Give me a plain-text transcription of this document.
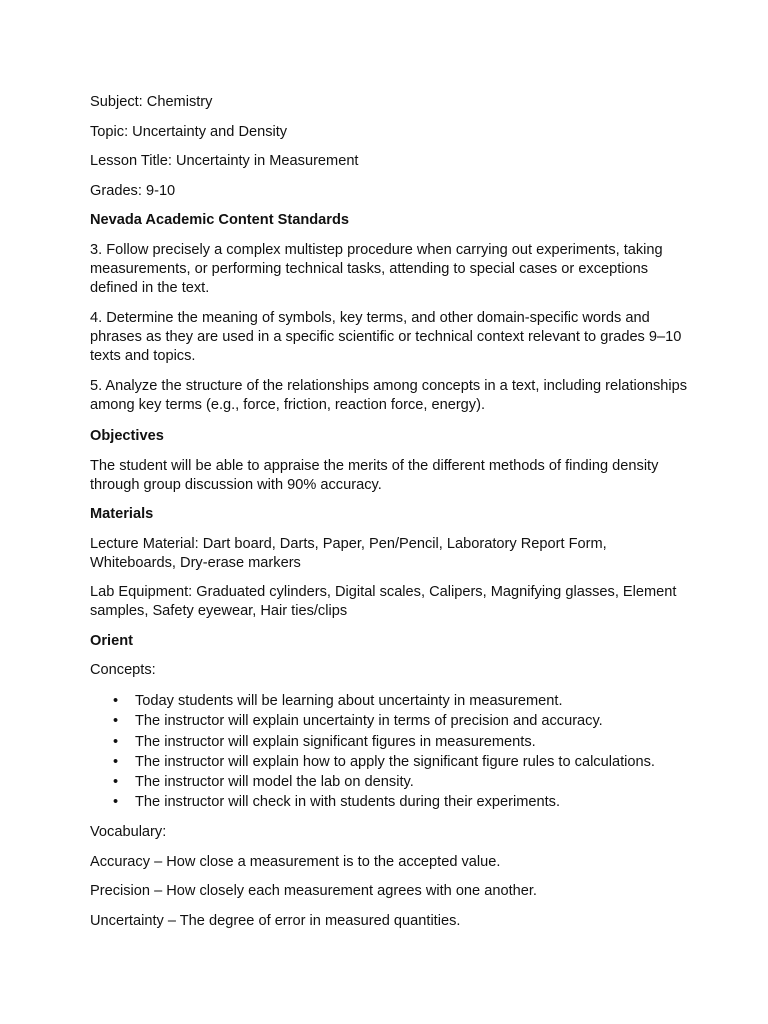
Subject: Chemistry

Topic: Uncertainty and Density

Lesson Title: Uncertainty in Measurement

Grades: 9-10

Nevada Academic Content Standards

3. Follow precisely a complex multistep procedure when carrying out experiments, taking measurements, or performing technical tasks, attending to special cases or exceptions defined in the text.

4. Determine the meaning of symbols, key terms, and other domain-specific words and phrases as they are used in a specific scientific or technical context relevant to grades 9–10 texts and topics.

5. Analyze the structure of the relationships among concepts in a text, including relationships among key terms (e.g., force, friction, reaction force, energy).

Objectives

The student will be able to appraise the merits of the different methods of finding density through group discussion with 90% accuracy.

Materials

Lecture Material: Dart board, Darts, Paper, Pen/Pencil, Laboratory Report Form, Whiteboards, Dry-erase markers

Lab Equipment: Graduated cylinders, Digital scales, Calipers, Magnifying glasses, Element samples, Safety eyewear, Hair ties/clips

Orient

Concepts:

• Today students will be learning about uncertainty in measurement.
• The instructor will explain uncertainty in terms of precision and accuracy.
• The instructor will explain significant figures in measurements.
• The instructor will explain how to apply the significant figure rules to calculations.
• The instructor will model the lab on density.
• The instructor will check in with students during their experiments.

Vocabulary:

Accuracy – How close a measurement is to the accepted value.

Precision – How closely each measurement agrees with one another.

Uncertainty – The degree of error in measured quantities.
